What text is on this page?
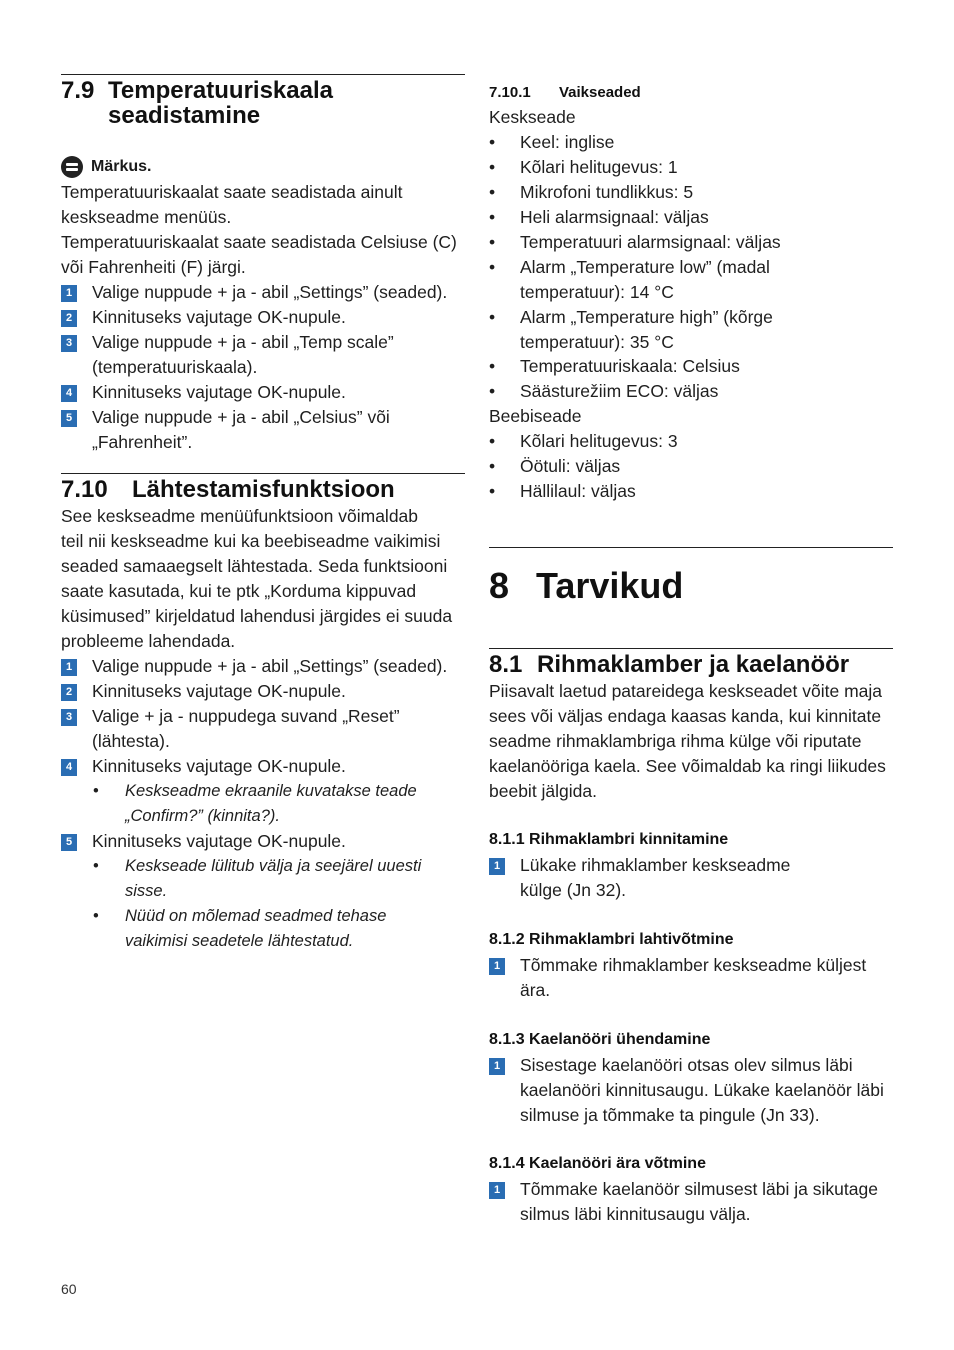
7.9 Temperatuuriskaala
seadistamine
Märkus.
Temperatuuriskaalat saate seadistada ainult
keskseadme menüüs.
Temperatuuriskaalat saate seadistada Celsiuse (C)
või Fahrenheiti (F) järgi.
1 Valige nuppude + ja - abil „Settings” (seaded).
2 Kinnituseks vajutage OK-nupule.
3 Valige nuppude + ja - abil „Temp scale”
(temperatuuriskaala).
4 Kinnituseks vajutage OK-nupule.
5 Valige nuppude + ja - abil „Celsius” või
„Fahrenheit”.
7.10 Lähtestamisfunktsioon
See keskseadme menüüfunktsioon võimaldab
teil nii keskseadme kui ka beebiseadme vaikimisi
seaded samaaegselt lähtestada. Seda funktsiooni
saate kasutada, kui te ptk „Korduma kippuvad
küsimused” kirjeldatud lahendusi järgides ei suuda
probleeme lahendada.
1 Valige nuppude + ja - abil „Settings” (seaded).
2 Kinnituseks vajutage OK-nupule.
3 Valige + ja - nuppudega suvand „Reset”
(lähtesta).
4 Kinnituseks vajutage OK-nupule.
•	Keskseadme ekraanile kuvatakse teade
„Confirm?” (kinnita?).
5 Kinnituseks vajutage OK-nupule.
•	Keskseade lülitub välja ja seejärel uuesti
sisse.
•	Nüüd on mõlemad seadmed tehase
vaikimisi seadetele lähtestatud.
7.10.1 Vaikseaded
Keskseade
•	Keel: inglise
•	Kõlari helitugevus: 1
•	Mikrofoni tundlikkus: 5
•	Heli alarmsignaal: väljas
•	Temperatuuri alarmsignaal: väljas
•	Alarm „Temperature low” (madal
temperatuur): 14 °C
•	Alarm „Temperature high” (kõrge
temperatuur): 35 °C
•	Temperatuuriskaala: Celsius
•	Säästurežiim ECO: väljas
Beebiseade
•	Kõlari helitugevus: 3
•	Öötuli: väljas
•	Hällilaul: väljas
8 Tarvikud
8.1 Rihmaklamber ja kaelanöör
Piisavalt laetud patareidega keskseadet võite maja
sees või väljas endaga kaasas kanda, kui kinnitate
seadme rihmaklambriga rihma külge või riputate
kaelanööriga kaela. See võimaldab ka ringi liikudes
beebit jälgida.
8.1.1 Rihmaklambri kinnitamine
1 Lükake rihmaklamber keskseadme
külge (Jn 32).
8.1.2 Rihmaklambri lahtivõtmine
1 Tõmmake rihmaklamber keskseadme küljest
ära.
8.1.3 Kaelanööri ühendamine
1 Sisestage kaelanööri otsas olev silmus läbi
kaelanööri kinnitusaugu. Lükake kaelanöör läbi
silmuse ja tõmmake ta pingule (Jn 33).
8.1.4 Kaelanööri ära võtmine
1 Tõmmake kaelanöör silmusest läbi ja sikutage
silmus läbi kinnitusaugu välja.
60
